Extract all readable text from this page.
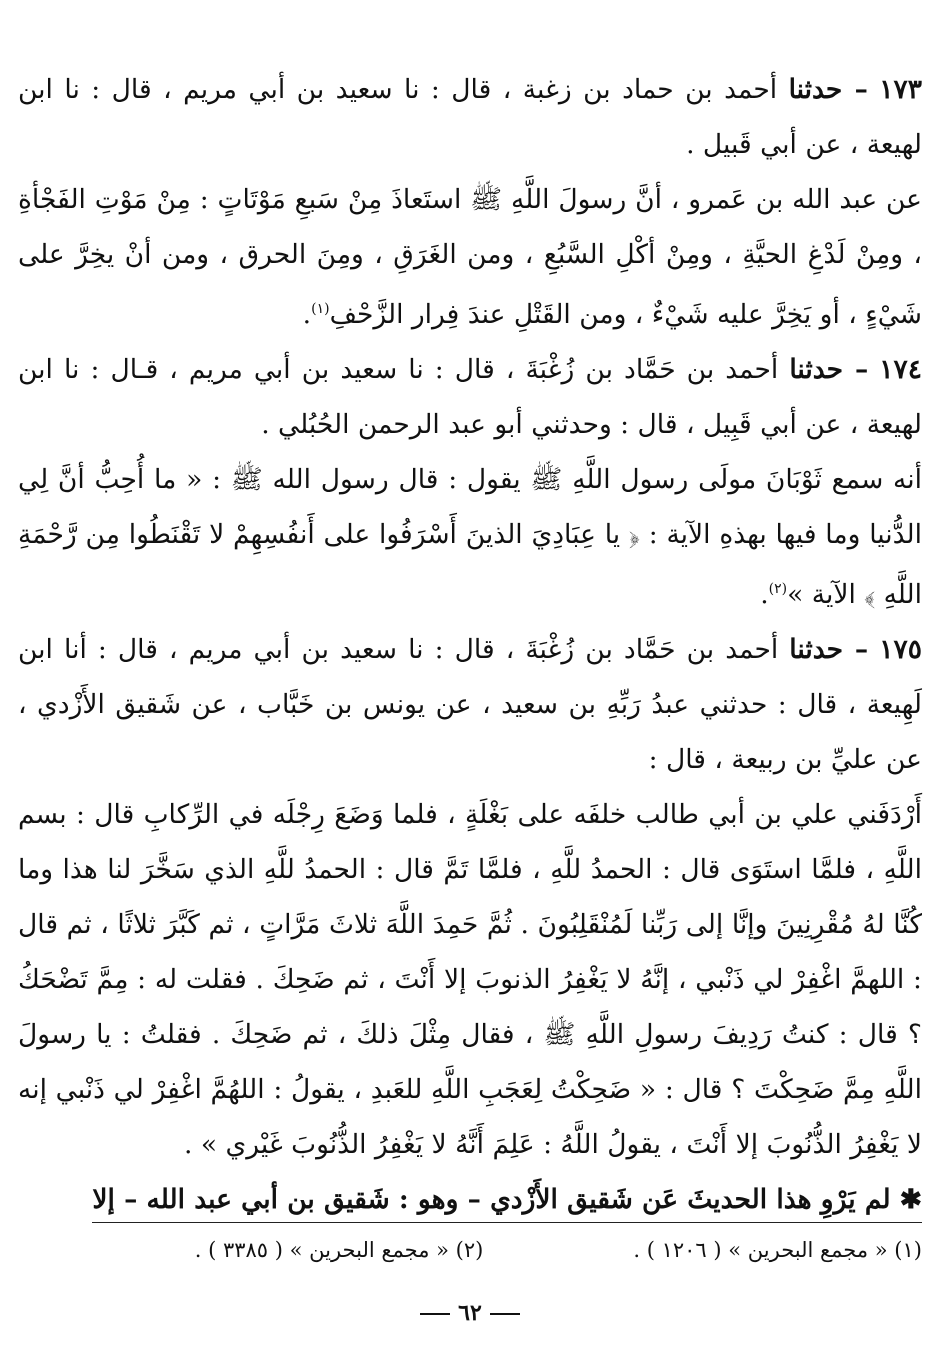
١٧٣ – حدثنا أحمد بن حماد بن زغبة ، قال : نا سعيد بن أبي مريم ، قال : نا ابن لهيعة ، عن أبي قَبيل .

عن عبد الله بن عَمرو ، أنَّ رسولَ اللَّهِ ﷺ استَعاذَ مِنْ سَبعِ مَوْتَاتٍ : مِنْ مَوْتِ الفَجْأةِ ، ومِنْ لَدْغِ الحيَّةِ ، ومِنْ أكْلِ السَّبُعِ ، ومن الغَرَقِ ، ومِنَ الحرق ، ومن أنْ يخِرَّ على شَيْءٍ ، أو يَخِرَّ عليه شَيْءٌ ، ومن القَتْلِ عندَ فِرار الزَّحْفِ$^{(١)}$.

١٧٤ – حدثنا أحمد بن حَمَّاد بن زُغْبَةَ ، قال : نا سعيد بن أبي مريم ، قـال : نا ابن لهيعة ، عن أبي قَبِيل ، قال : وحدثني أبو عبد الرحمن الحُبُلي .

أنه سمع ثَوْبَانَ مولَى رسول اللَّهِ ﷺ يقول : قال رسول الله ﷺ : « ما أُحِبُّ أنَّ لِي الدُّنيا وما فيها بهذهِ الآية : ﴿ يا عِبَادِيَ الذينَ أَسْرَفُوا على أَنفُسِهِمْ لا تَقْنَطُوا مِن رَّحْمَةِ اللَّهِ ﴾ الآية »$^{(٢)}$.

١٧٥ – حدثنا أحمد بن حَمَّاد بن زُغْبَةَ ، قال : نا سعيد بن أبي مريم ، قال : أنا ابن لَهِيعة ، قال : حدثني عبدُ رَبِّهِ بن سعيد ، عن يونس بن خَبَّاب ، عن شَقيق الأَزْدي ، عن عليِّ بن ربيعة ، قال :

أَرْدَفَني علي بن أبي طالب خلفَه على بَغْلَةٍ ، فلما وَضَعَ رِجْلَه في الرِّكابِ قال : بسم اللَّهِ ، فلمَّا استَوَى قال : الحمدُ للَّهِ ، فلمَّا تَمَّ قال : الحمدُ للَّهِ الذي سَخَّرَ لنا هذا وما كُنَّا لهُ مُقْرِنِينَ وإنَّا إلى رَبِّنا لَمُنْقَلِبُونَ . ثُمَّ حَمِدَ اللَّهَ ثلاثَ مَرَّاتٍ ، ثم كَبَّرَ ثلاثًا ، ثم قال : اللهمَّ اغْفِرْ لي ذَنْبي ، إنَّهُ لا يَغْفِرُ الذنوبَ إلا أَنْتَ ، ثم ضَحِكَ . فقلت له : مِمَّ تَضْحَكُ ؟ قال : كنتُ رَدِيفَ رسولِ اللَّهِ ﷺ ، فقال مِثْلَ ذلكَ ، ثم ضَحِكَ . فقلتُ : يا رسولَ اللَّهِ مِمَّ ضَحِكْتَ ؟ قال : « ضَحِكْتُ لِعَجَبِ اللَّهِ للعَبدِ ، يقولُ : اللهُمَّ اغْفِرْ لي ذَنْبي إنه لا يَغْفِرُ الذُّنُوبَ إلا أَنْتَ ، يقولُ اللَّهُ : عَلِمَ أَنَّهُ لا يَغْفِرُ الذُّنُوبَ غَيْري » .

✱ لم يَرْوِ هذا الحديثَ عَن شَقيق الأَزْدي – وهو : شَقيق بن أبي عبد الله – إلا

(١) « مجمع البحرين » ( ١٢٠٦ ) .
(٢) « مجمع البحرين » ( ٣٣٨٥ ) .
٦٢
